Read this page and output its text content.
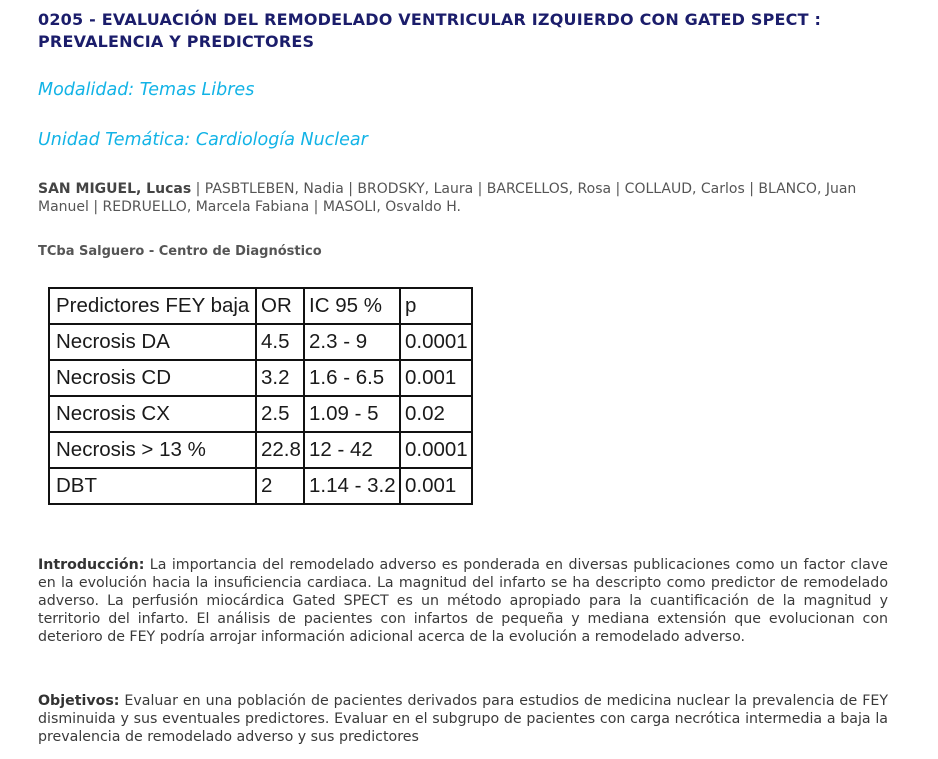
0205 - EVALUACIÓN DEL REMODELADO VENTRICULAR IZQUIERDO CON GATED SPECT : PREVALENCIA Y PREDICTORES

Modalidad: Temas Libres

Unidad Temática: Cardiología Nuclear

SAN MIGUEL, Lucas | PASBTLEBEN, Nadia | BRODSKY, Laura | BARCELLOS, Rosa | COLLAUD, Carlos | BLANCO, Juan Manuel | REDRUELLO, Marcela Fabiana | MASOLI, Osvaldo H.

TCba Salguero - Centro de Diagnóstico

Predictores FEY baja	OR	IC 95 %	p
Necrosis DA	4.5	2.3 - 9	0.0001
Necrosis CD	3.2	1.6 - 6.5	0.001
Necrosis CX	2.5	1.09 - 5	0.02
Necrosis > 13 %	22.8	12 - 42	0.0001
DBT	2	1.14 - 3.2	0.001

Introducción: La importancia del remodelado adverso es ponderada en diversas publicaciones como un factor clave en la evolución hacia la insuficiencia cardiaca. La magnitud del infarto se ha descripto como predictor de remodelado adverso. La perfusión miocárdica Gated SPECT es un método apropiado para la cuantificación de la magnitud y territorio del infarto. El análisis de pacientes con infartos de pequeña y mediana extensión que evolucionan con deterioro de FEY podría arrojar información adicional acerca de la evolución a remodelado adverso.

Objetivos: Evaluar en una población de pacientes derivados para estudios de medicina nuclear la prevalencia de FEY disminuida y sus eventuales predictores. Evaluar en el subgrupo de pacientes con carga necrótica intermedia a baja la prevalencia de remodelado adverso y sus predictores
